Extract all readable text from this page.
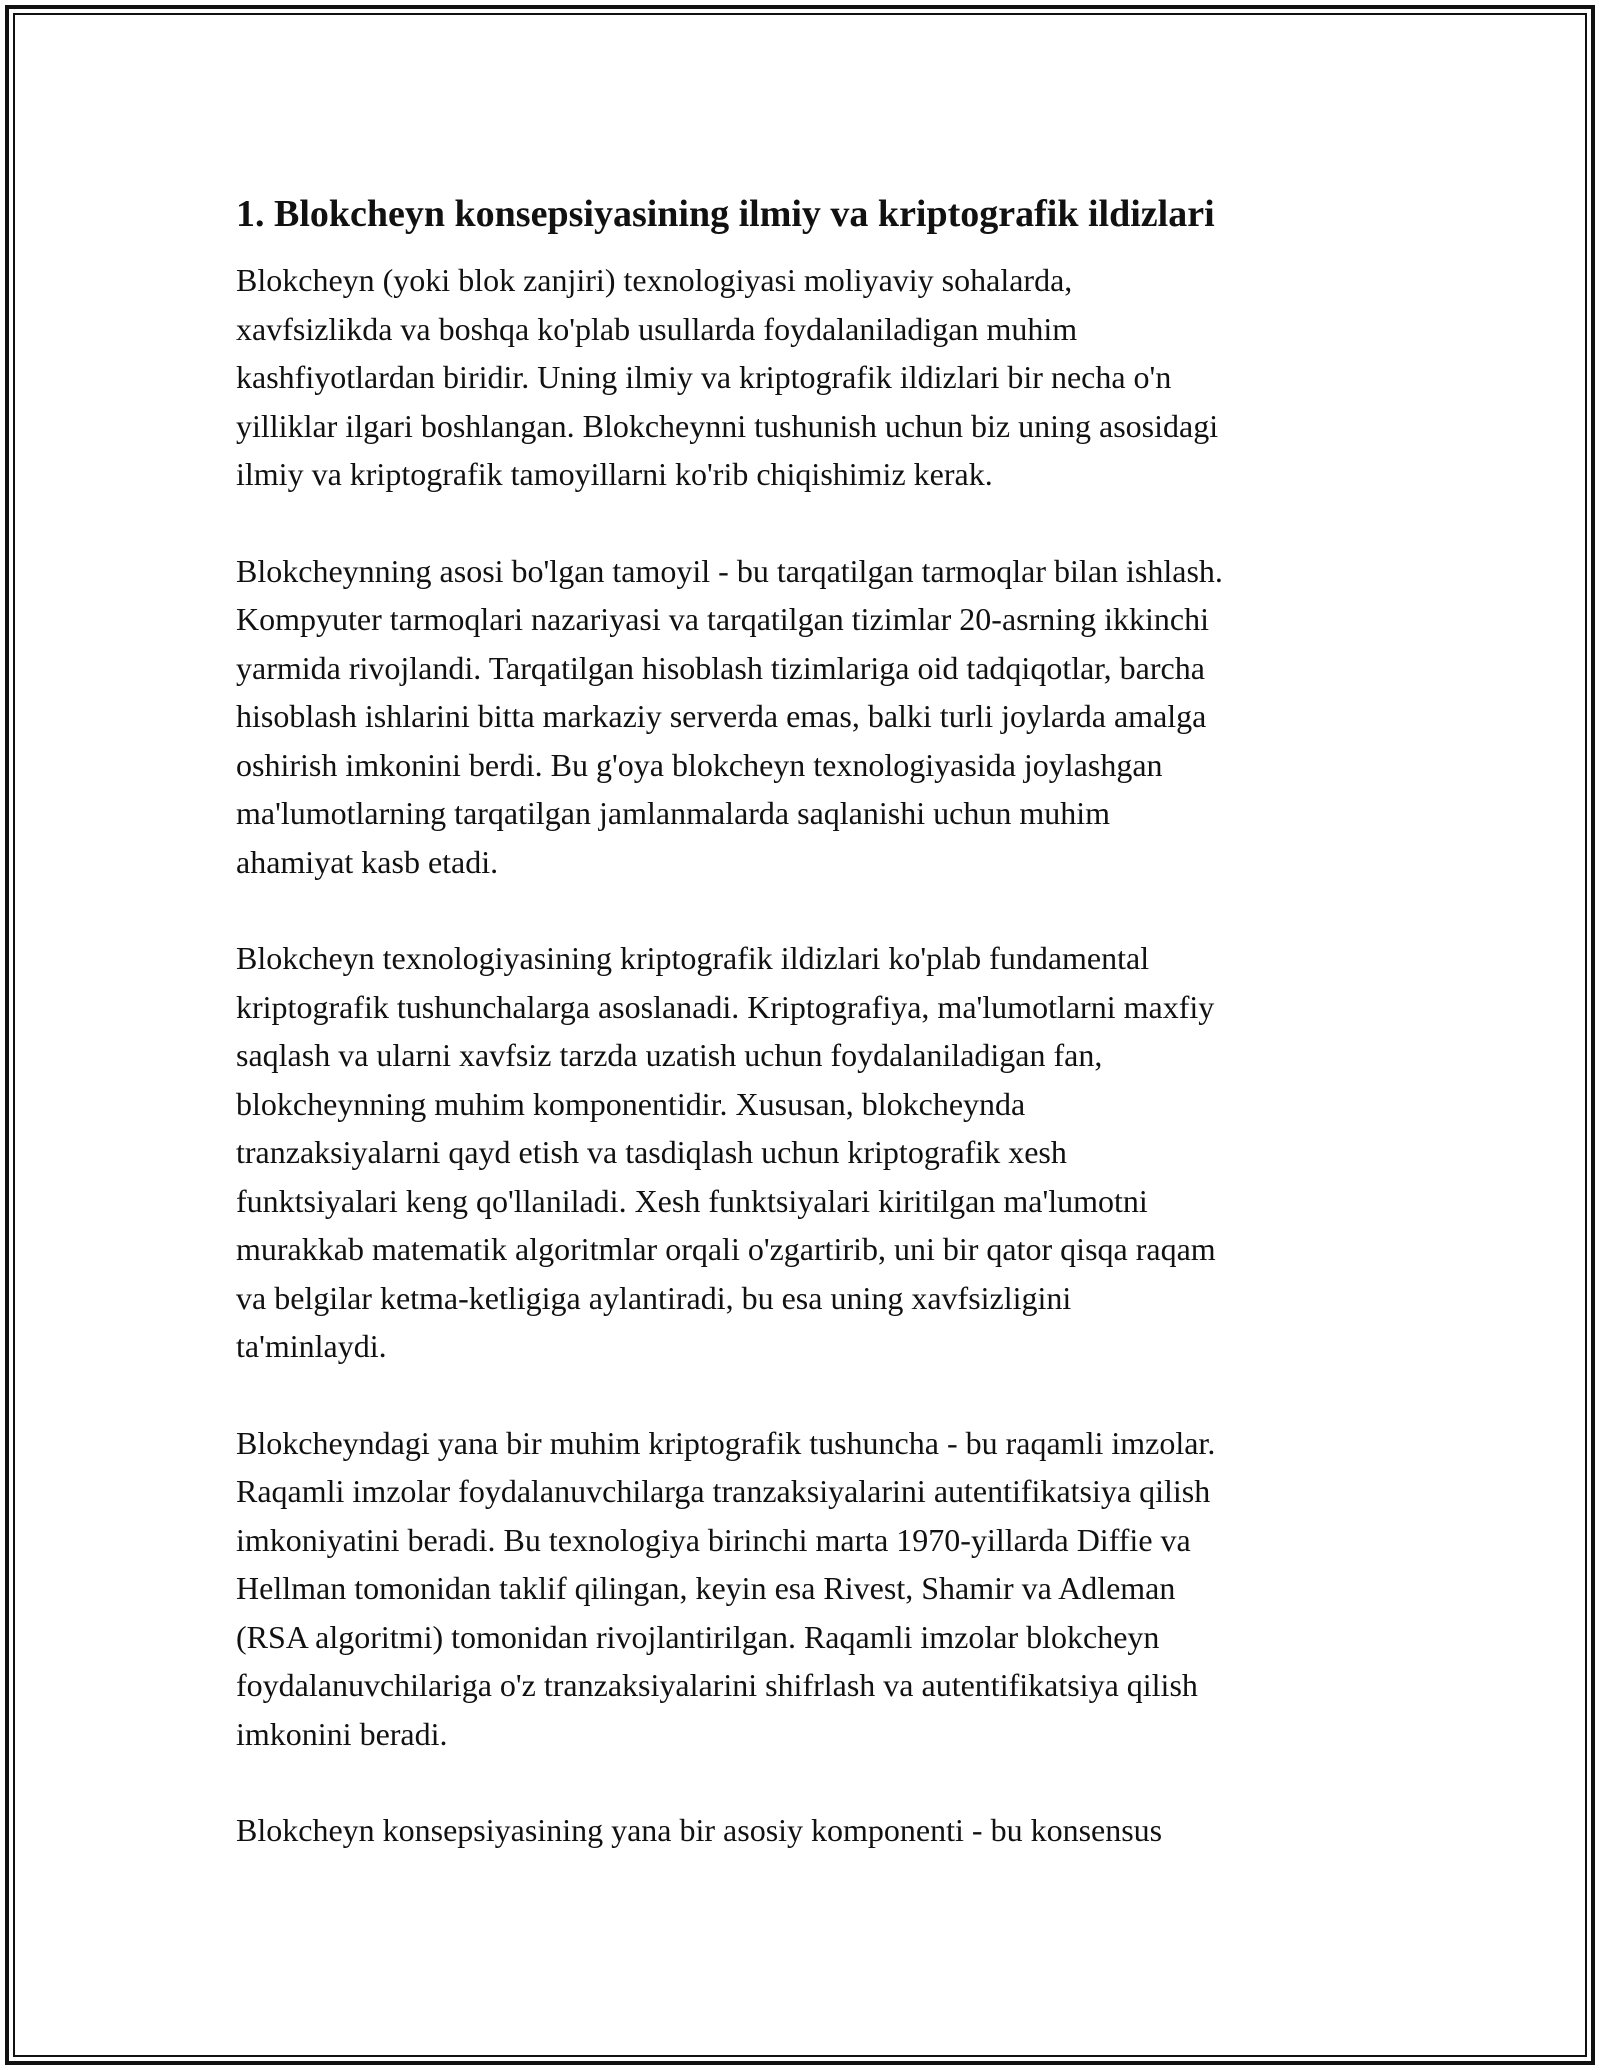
1. Blokcheyn konsepsiyasining ilmiy va kriptografik ildizlari

Blokcheyn (yoki blok zanjiri) texnologiyasi moliyaviy sohalarda,
xavfsizlikda va boshqa ko'plab usullarda foydalaniladigan muhim
kashfiyotlardan biridir. Uning ilmiy va kriptografik ildizlari bir necha o'n
yilliklar ilgari boshlangan. Blokcheynni tushunish uchun biz uning asosidagi
ilmiy va kriptografik tamoyillarni ko'rib chiqishimiz kerak.

Blokcheynning asosi bo'lgan tamoyil - bu tarqatilgan tarmoqlar bilan ishlash.
Kompyuter tarmoqlari nazariyasi va tarqatilgan tizimlar 20-asrning ikkinchi
yarmida rivojlandi. Tarqatilgan hisoblash tizimlariga oid tadqiqotlar, barcha
hisoblash ishlarini bitta markaziy serverda emas, balki turli joylarda amalga
oshirish imkonini berdi. Bu g'oya blokcheyn texnologiyasida joylashgan
ma'lumotlarning tarqatilgan jamlanmalarda saqlanishi uchun muhim
ahamiyat kasb etadi.

Blokcheyn texnologiyasining kriptografik ildizlari ko'plab fundamental
kriptografik tushunchalarga asoslanadi. Kriptografiya, ma'lumotlarni maxfiy
saqlash va ularni xavfsiz tarzda uzatish uchun foydalaniladigan fan,
blokcheynning muhim komponentidir. Xususan, blokcheynda
tranzaksiyalarni qayd etish va tasdiqlash uchun kriptografik xesh
funktsiyalari keng qo'llaniladi. Xesh funktsiyalari kiritilgan ma'lumotni
murakkab matematik algoritmlar orqali o'zgartirib, uni bir qator qisqa raqam
va belgilar ketma-ketligiga aylantiradi, bu esa uning xavfsizligini
ta'minlaydi.

Blokcheyndagi yana bir muhim kriptografik tushuncha - bu raqamli imzolar.
Raqamli imzolar foydalanuvchilarga tranzaksiyalarini autentifikatsiya qilish
imkoniyatini beradi. Bu texnologiya birinchi marta 1970-yillarda Diffie va
Hellman tomonidan taklif qilingan, keyin esa Rivest, Shamir va Adleman
(RSA algoritmi) tomonidan rivojlantirilgan. Raqamli imzolar blokcheyn
foydalanuvchilariga o'z tranzaksiyalarini shifrlash va autentifikatsiya qilish
imkonini beradi.

Blokcheyn konsepsiyasining yana bir asosiy komponenti - bu konsensus
